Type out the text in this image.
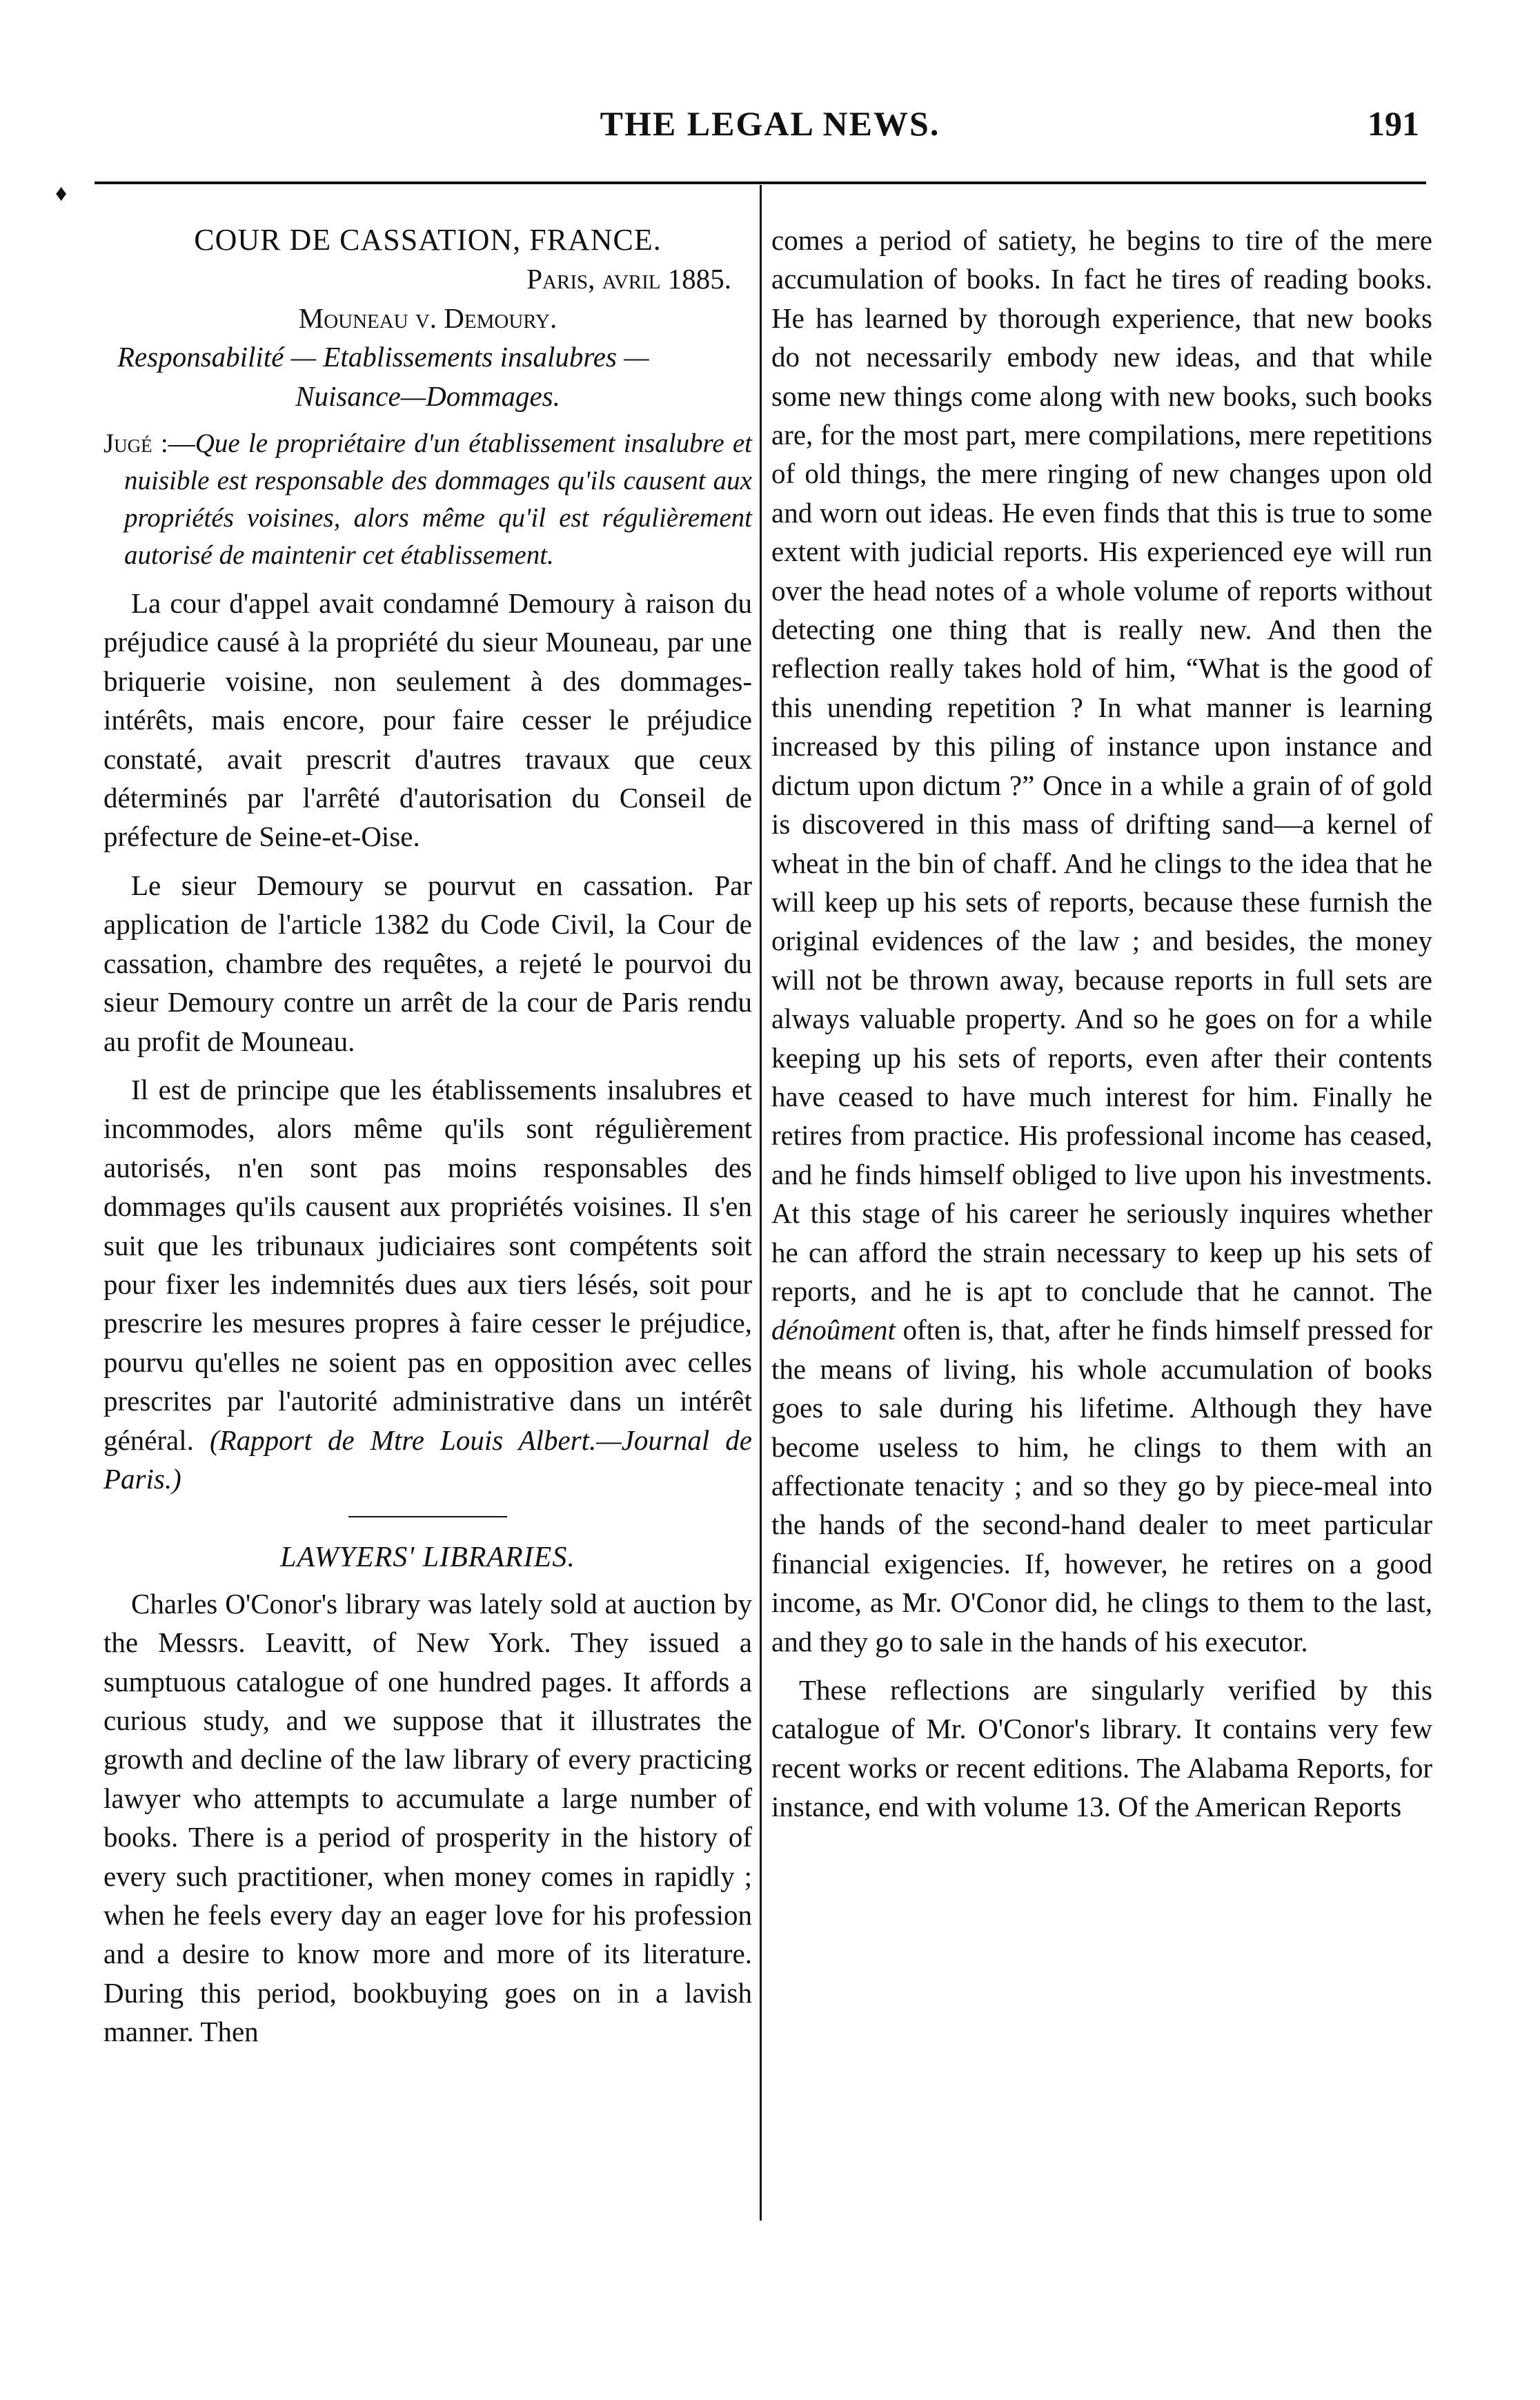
♦
THE LEGAL NEWS.	191
COUR DE CASSATION, FRANCE.
Paris, avril 1885.
Mouneau v. Demoury.
Responsabilité — Etablissements insalubres —
Nuisance—Dommages.

Jugé :—Que le propriétaire d'un établissement insalubre et nuisible est responsable des dommages qu'ils causent aux propriétés voisines, alors même qu'il est régulièrement autorisé de maintenir cet établissement.

La cour d'appel avait condamné Demoury à raison du préjudice causé à la propriété du sieur Mouneau, par une briquerie voisine, non seulement à des dommages-intérêts, mais encore, pour faire cesser le préjudice constaté, avait prescrit d'autres travaux que ceux déterminés par l'arrêté d'autorisation du Conseil de préfecture de Seine-et-Oise.

Le sieur Demoury se pourvut en cassation. Par application de l'article 1382 du Code Civil, la Cour de cassation, chambre des requêtes, a rejeté le pourvoi du sieur Demoury contre un arrêt de la cour de Paris rendu au profit de Mouneau.

Il est de principe que les établissements insalubres et incommodes, alors même qu'ils sont régulièrement autorisés, n'en sont pas moins responsables des dommages qu'ils causent aux propriétés voisines. Il s'en suit que les tribunaux judiciaires sont compétents soit pour fixer les indemnités dues aux tiers lésés, soit pour prescrire les mesures propres à faire cesser le préjudice, pourvu qu'elles ne soient pas en opposition avec celles prescrites par l'autorité administrative dans un intérêt général. (Rapport de Mtre Louis Albert.—Journal de Paris.)

LAWYERS' LIBRARIES.

Charles O'Conor's library was lately sold at auction by the Messrs. Leavitt, of New York. They issued a sumptuous catalogue of one hundred pages. It affords a curious study, and we suppose that it illustrates the growth and decline of the law library of every practicing lawyer who attempts to accumulate a large number of books. There is a period of prosperity in the history of every such practitioner, when money comes in rapidly ; when he feels every day an eager love for his profession and a desire to know more and more of its literature. During this period, bookbuying goes on in a lavish manner. Then

comes a period of satiety, he begins to tire of the mere accumulation of books. In fact he tires of reading books. He has learned by thorough experience, that new books do not necessarily embody new ideas, and that while some new things come along with new books, such books are, for the most part, mere compilations, mere repetitions of old things, the mere ringing of new changes upon old and worn out ideas. He even finds that this is true to some extent with judicial reports. His experienced eye will run over the head notes of a whole volume of reports without detecting one thing that is really new. And then the reflection really takes hold of him, “What is the good of this unending repetition ? In what manner is learning increased by this piling of instance upon instance and dictum upon dictum ?” Once in a while a grain of of gold is discovered in this mass of drifting sand—a kernel of wheat in the bin of chaff. And he clings to the idea that he will keep up his sets of reports, because these furnish the original evidences of the law ; and besides, the money will not be thrown away, because reports in full sets are always valuable property. And so he goes on for a while keeping up his sets of reports, even after their contents have ceased to have much interest for him. Finally he retires from practice. His professional income has ceased, and he finds himself obliged to live upon his investments. At this stage of his career he seriously inquires whether he can afford the strain necessary to keep up his sets of reports, and he is apt to conclude that he cannot. The dénoûment often is, that, after he finds himself pressed for the means of living, his whole accumulation of books goes to sale during his lifetime. Although they have become useless to him, he clings to them with an affectionate tenacity ; and so they go by piece-meal into the hands of the second-hand dealer to meet particular financial exigencies. If, however, he retires on a good income, as Mr. O'Conor did, he clings to them to the last, and they go to sale in the hands of his executor.

These reflections are singularly verified by this catalogue of Mr. O'Conor's library. It contains very few recent works or recent editions. The Alabama Reports, for instance, end with volume 13. Of the American Reports
